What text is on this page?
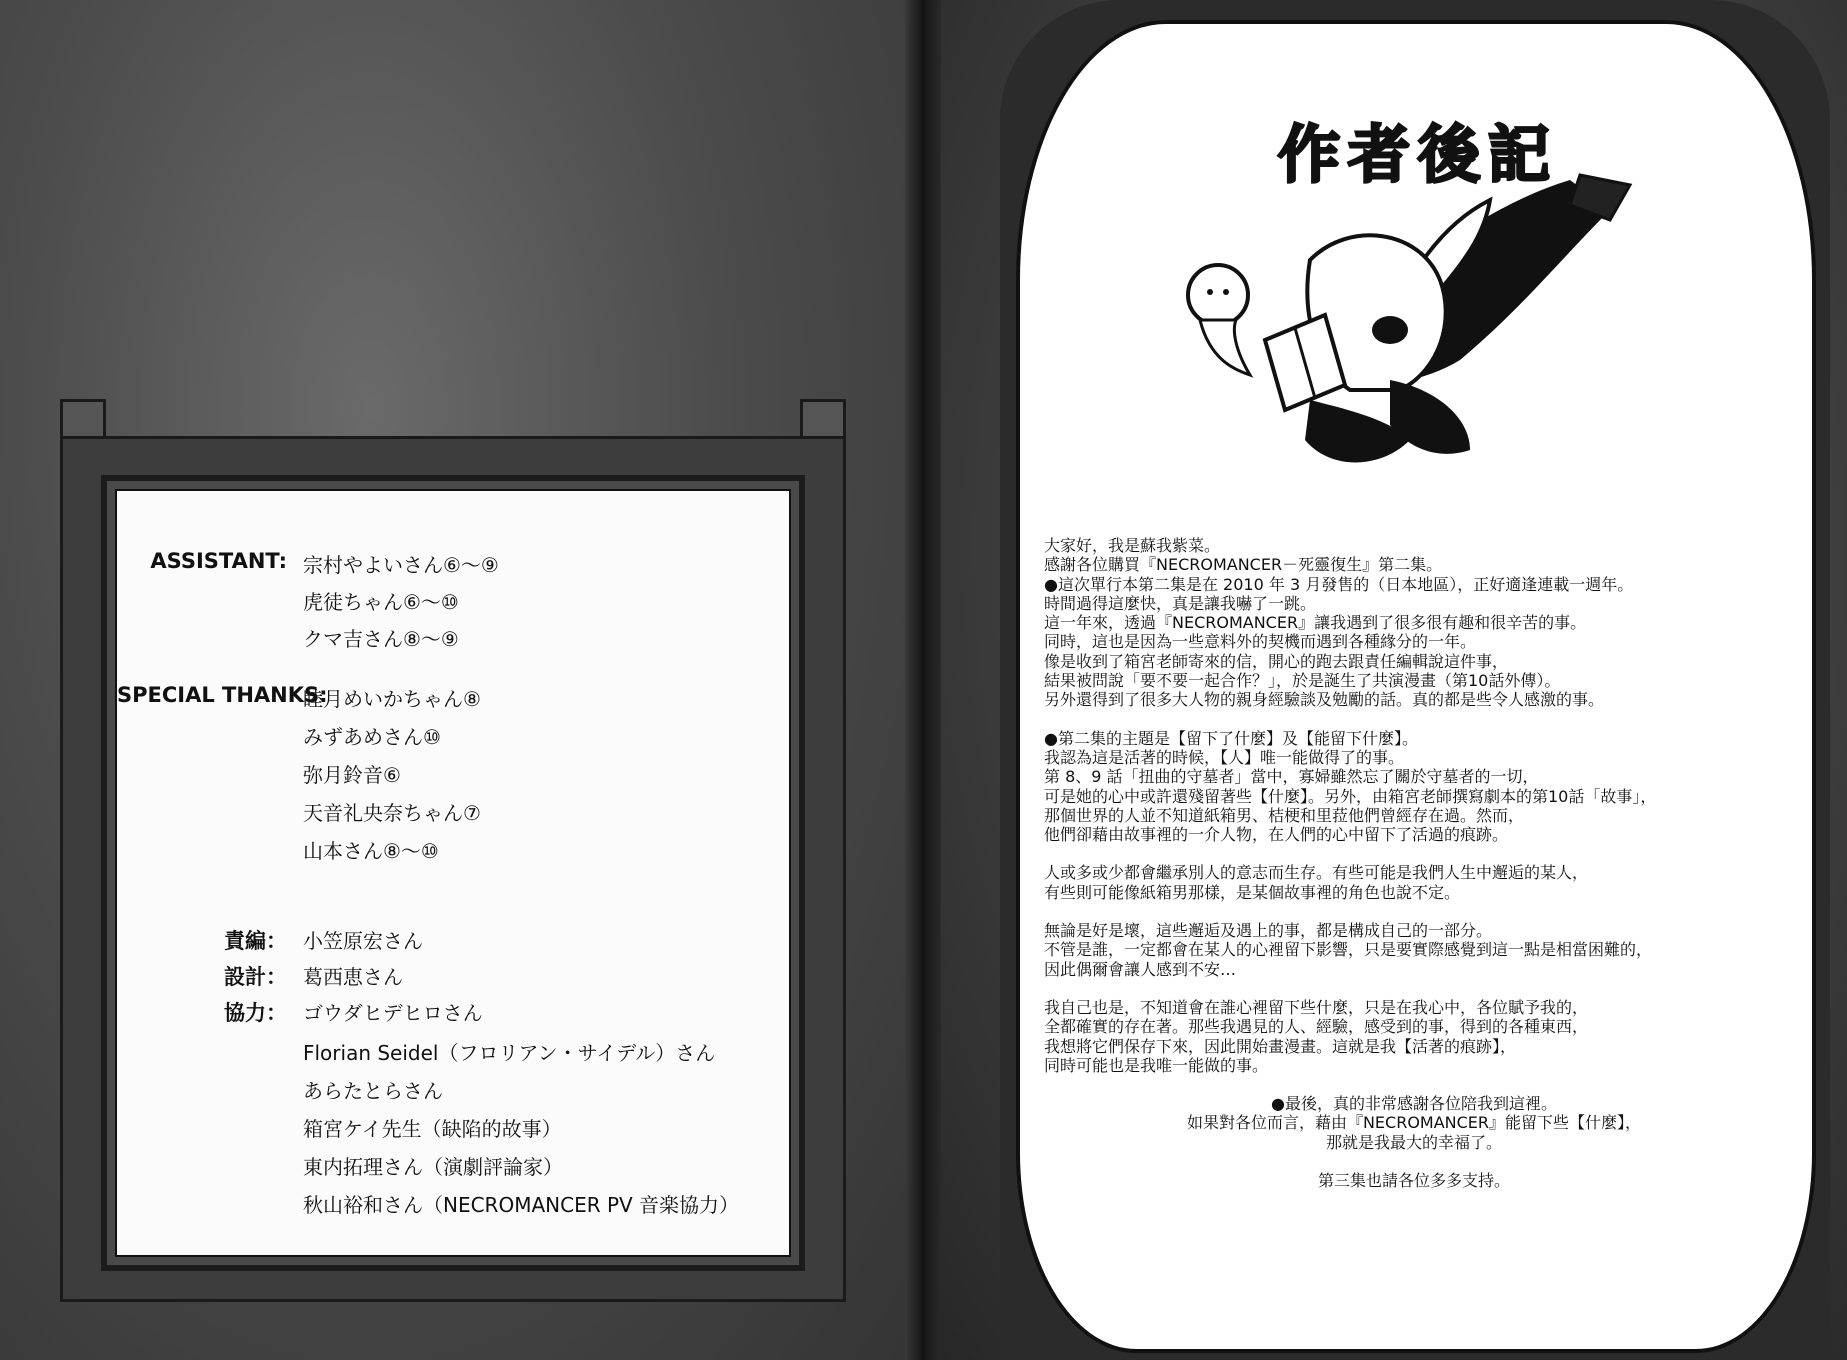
ASSISTANT: 宗村やよいさん⑥～⑨
虎徒ちゃん⑥～⑩
クマ吉さん⑧～⑨
SPECIAL THANKS:
睦月めいかちゃん⑧
みずあめさん⑩
弥月鈴音⑥
天音礼央奈ちゃん⑦
山本さん⑧～⑩
責編： 小笠原宏さん
設計： 葛西恵さん
協力： ゴウダヒデヒロさん
Florian Seidel（フロリアン・サイデル）さん
あらたとらさん
箱宮ケイ先生（缺陷的故事）
東内拓理さん（演劇評論家）
秋山裕和さん（NECROMANCER PV 音楽協力）
作者後記

大家好，我是蘇我紫菜。

感謝各位購買『NECROMANCER－死靈復生』第二集。

●這次單行本第二集是在 2010 年 3 月發售的（日本地區），正好適逢連載一週年。

時間過得這麼快，真是讓我嚇了一跳。

這一年來，透過『NECROMANCER』讓我遇到了很多很有趣和很辛苦的事。

同時，這也是因為一些意料外的契機而遇到各種緣分的一年。

像是收到了箱宮老師寄來的信，開心的跑去跟責任編輯說這件事，

結果被問說「要不要一起合作？」，於是誕生了共演漫畫（第10話外傳）。

另外還得到了很多大人物的親身經驗談及勉勵的話。真的都是些令人感激的事。

●第二集的主題是【留下了什麼】及【能留下什麼】。

我認為這是活著的時候，【人】唯一能做得了的事。

第 8、9 話「扭曲的守墓者」當中，寡婦雖然忘了關於守墓者的一切，

可是她的心中或許還殘留著些【什麼】。另外，由箱宮老師撰寫劇本的第10話「故事」，

那個世界的人並不知道紙箱男、桔梗和里菈他們曾經存在過。然而，

他們卻藉由故事裡的一介人物，在人們的心中留下了活過的痕跡。

人或多或少都會繼承別人的意志而生存。有些可能是我們人生中邂逅的某人，

有些則可能像紙箱男那樣，是某個故事裡的角色也說不定。

無論是好是壞，這些邂逅及遇上的事，都是構成自己的一部分。

不管是誰，一定都會在某人的心裡留下影響，只是要實際感覺到這一點是相當困難的，

因此偶爾會讓人感到不安…

我自己也是，不知道會在誰心裡留下些什麼，只是在我心中，各位賦予我的，

全都確實的存在著。那些我遇見的人、經驗，感受到的事，得到的各種東西，

我想將它們保存下來，因此開始畫漫畫。這就是我【活著的痕跡】，

同時可能也是我唯一能做的事。

●最後，真的非常感謝各位陪我到這裡。

如果對各位而言，藉由『NECROMANCER』能留下些【什麼】，

那就是我最大的幸福了。

第三集也請各位多多支持。
